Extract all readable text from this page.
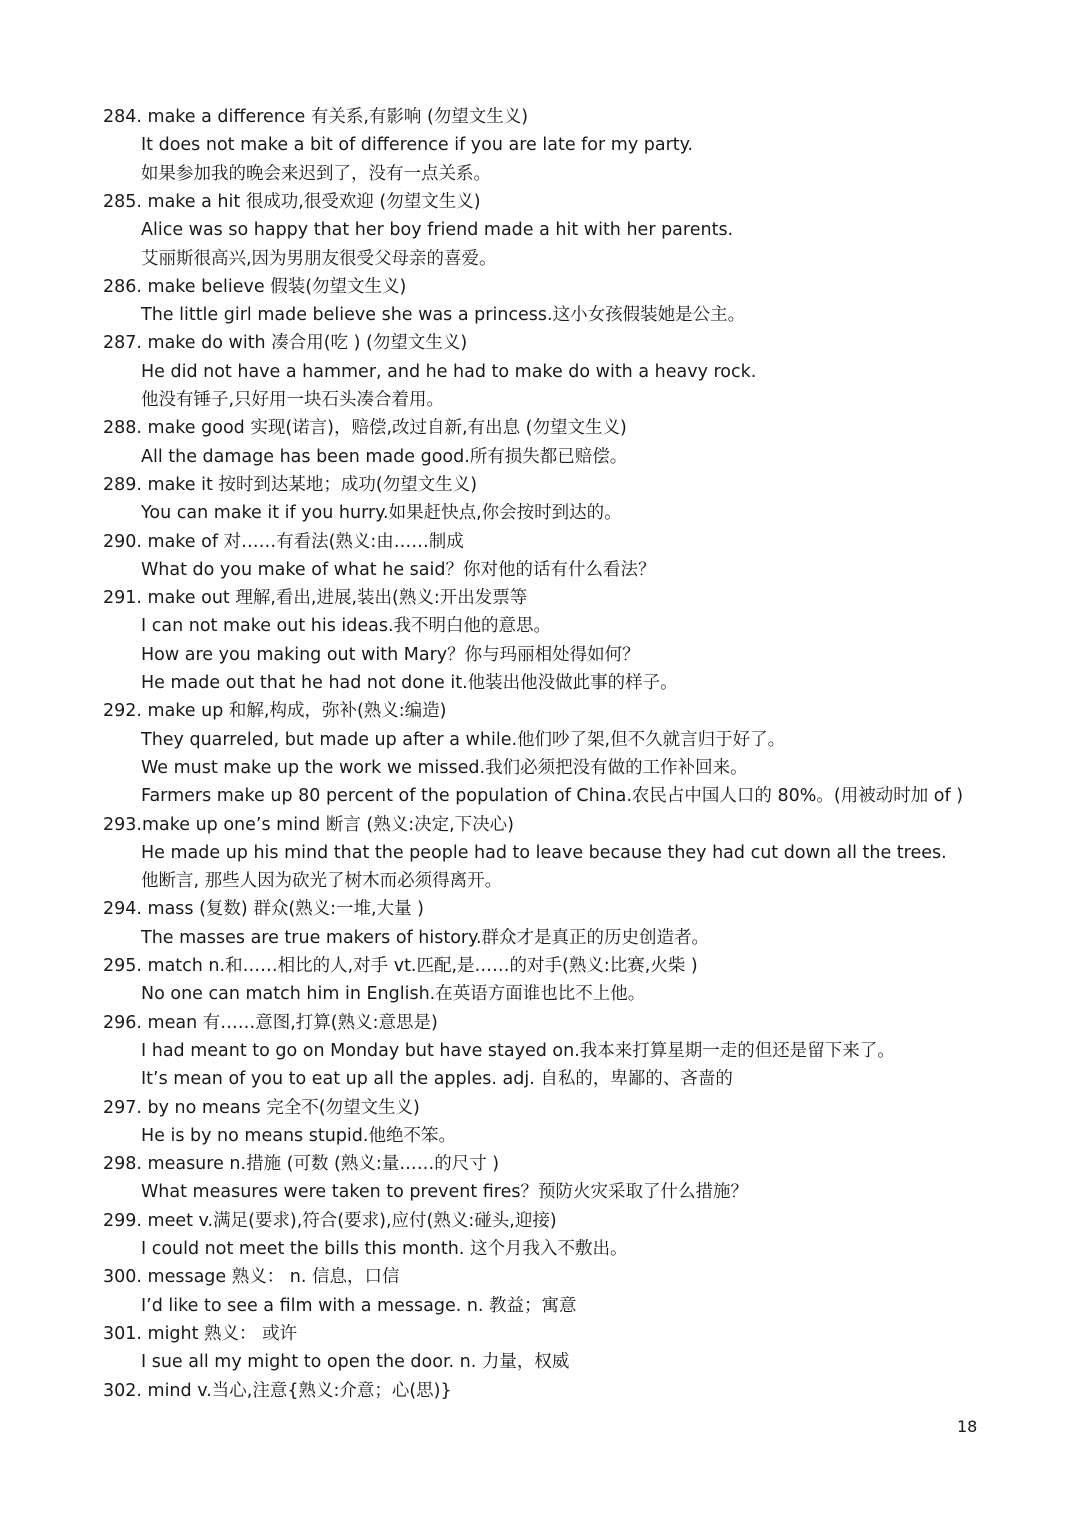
284. make a difference 有关系,有影响 (勿望文生义)
It does not make a bit of difference if you are late for my party.
如果参加我的晚会来迟到了，没有一点关系。
285. make a hit 很成功,很受欢迎 (勿望文生义)
Alice was so happy that her boy friend made a hit with her parents.
艾丽斯很高兴,因为男朋友很受父母亲的喜爱。
286. make believe 假装(勿望文生义)
The little girl made believe she was a princess.这小女孩假装她是公主。
287. make do with 凑合用(吃 ) (勿望文生义)
He did not have a hammer, and he had to make do with a heavy rock.
他没有锤子,只好用一块石头凑合着用。
288. make good 实现(诺言)，赔偿,改过自新,有出息 (勿望文生义)
All the damage has been made good.所有损失都已赔偿。
289. make it 按时到达某地；成功(勿望文生义)
You can make it if you hurry.如果赶快点,你会按时到达的。
290. make of 对……有看法(熟义:由……制成
What do you make of what he said？你对他的话有什么看法？
291. make out 理解,看出,进展,装出(熟义:开出发票等
I can not make out his ideas.我不明白他的意思。
How are you making out with Mary？你与玛丽相处得如何？
He made out that he had not done it.他装出他没做此事的样子。
292. make up 和解,构成，弥补(熟义:编造)
They quarreled, but made up after a while.他们吵了架,但不久就言归于好了。
We must make up the work we missed.我们必须把没有做的工作补回来。
Farmers make up 80 percent of the population of China.农民占中国人口的 80%。(用被动时加 of )
293.make up one’s mind 断言 (熟义:决定,下决心)
He made up his mind that the people had to leave because they had cut down all the trees.
他断言, 那些人因为砍光了树木而必须得离开。
294. mass (复数) 群众(熟义:一堆,大量 )
The masses are true makers of history.群众才是真正的历史创造者。
295. match n.和……相比的人,对手 vt.匹配,是……的对手(熟义:比赛,火柴 )
No one can match him in English.在英语方面谁也比不上他。
296. mean 有……意图,打算(熟义:意思是)
I had meant to go on Monday but have stayed on.我本来打算星期一走的但还是留下来了。
It’s mean of you to eat up all the apples. adj. 自私的，卑鄙的、吝啬的
297. by no means 完全不(勿望文生义)
He is by no means stupid.他绝不笨。
298. measure n.措施 (可数 (熟义:量……的尺寸 )
What measures were taken to prevent fires？预防火灾采取了什么措施？
299. meet v.满足(要求),符合(要求),应付(熟义:碰头,迎接)
I could not meet the bills this month. 这个月我入不敷出。
300. message 熟义： n. 信息，口信
I’d like to see a film with a message. n. 教益；寓意
301. might 熟义： 或许
I sue all my might to open the door. n. 力量，权威
302. mind v.当心,注意{熟义:介意；心(思)}
18
